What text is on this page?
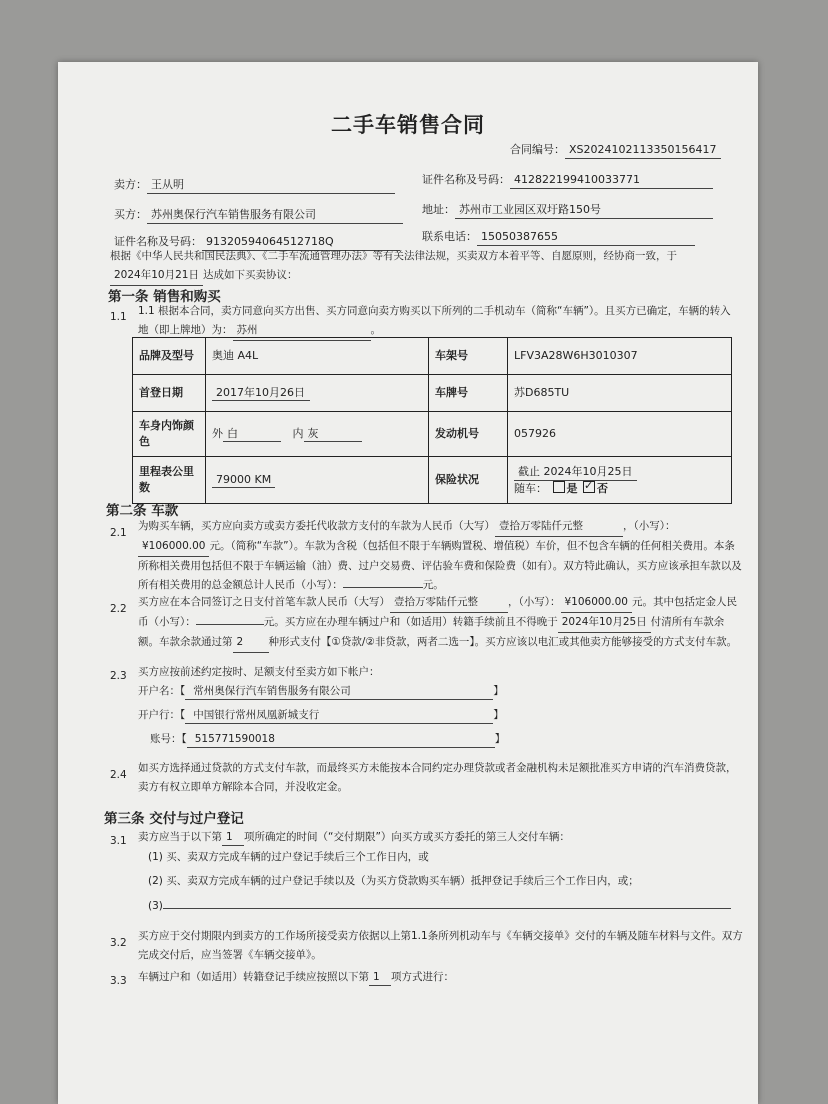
二手车销售合同
合同编号： XS2024102113350156417
卖方： 王从明	证件名称及号码： 412822199410033771
买方： 苏州奥保行汽车销售服务有限公司	地址： 苏州市工业园区双圩路150号
证件名称及号码： 91320594064512718Q	联系电话： 15050387655
根据《中华人民共和国民法典》、《二手车流通管理办法》等有关法律法规，买卖双方本着平等、自愿原则，经协商一致，于2024年10月21日 达成如下买卖协议：
第一条 销售和购买
1.1 1.1 根据本合同，卖方同意向买方出售、买方同意向卖方购买以下所列的二手机动车（简称“车辆”）。且买方已确定，车辆的转入地（即上牌地）为： 苏州	。
品牌及型号	奥迪 A4L	车架号	LFV3A28W6H3010307
首登日期	2017年10月26日	车牌号	苏D685TU
车身内饰颜色	外 白 内 灰	发动机号	057926
里程表公里数	79000 KM	保险状况	截止 2024年10月25日
随车： 是 ✓ 否
第二条 车款
2.1
为购买车辆，买方应向卖方或卖方委托代收款方支付的车款为人民币（大写） 壹拾万零陆仟元整	，（小写）：¥106000.00 元。（简称“车款”）。车款为含税（包括但不限于车辆购置税、增值税）车价，但不包含车辆的任何相关费用。本条所称相关费用包括但不限于车辆运输（油）费、过户交易费、评估验车费和保险费（如有）。双方特此确认，买方应该承担车款以及所有相关费用的总金额总计人民币（小写）：	元。
2.2
买方应在本合同签订之日支付首笔车款人民币（大写） 壹拾万零陆仟元整	，（小写）： ¥106000.00 元。其中包括定金人民币（小写）：	元。买方应在办理车辆过户和（如适用）转籍手续前且不得晚于 2024年10月25日 付清所有车款余额。车款余款通过第 2 种形式支付【①贷款/②非贷款，两者二选一】。买方应该以电汇或其他卖方能够接受的方式支付车款。
2.3 买方应按前述约定按时、足额支付至卖方如下帐户：
开户名：【 常州奥保行汽车销售服务有限公司	】
开户行：【 中国银行常州凤凰新城支行	】
账号：【 515771590018	】
2.4
如买方选择通过贷款的方式支付车款，而最终买方未能按本合同约定办理贷款或者金融机构未足额批准买方申请的汽车消费贷款，卖方有权立即单方解除本合同，并没收定金。
第三条 交付与过户登记
3.1 卖方应当于以下第 1 项所确定的时间（“交付期限”）向买方或买方委托的第三人交付车辆：
(1) 买、卖双方完成车辆的过户登记手续后三个工作日内，或
(2) 买、卖双方完成车辆的过户登记手续以及（为买方贷款购买车辆）抵押登记手续后三个工作日内，或；
(3)
3.2
买方应于交付期限内到卖方的工作场所接受卖方依据以上第1.1条所列机动车与《车辆交接单》交付的车辆及随车材料与文件。双方完成交付后，应当签署《车辆交接单》。
3.3 车辆过户和（如适用）转籍登记手续应按照以下第 1 项方式进行：
